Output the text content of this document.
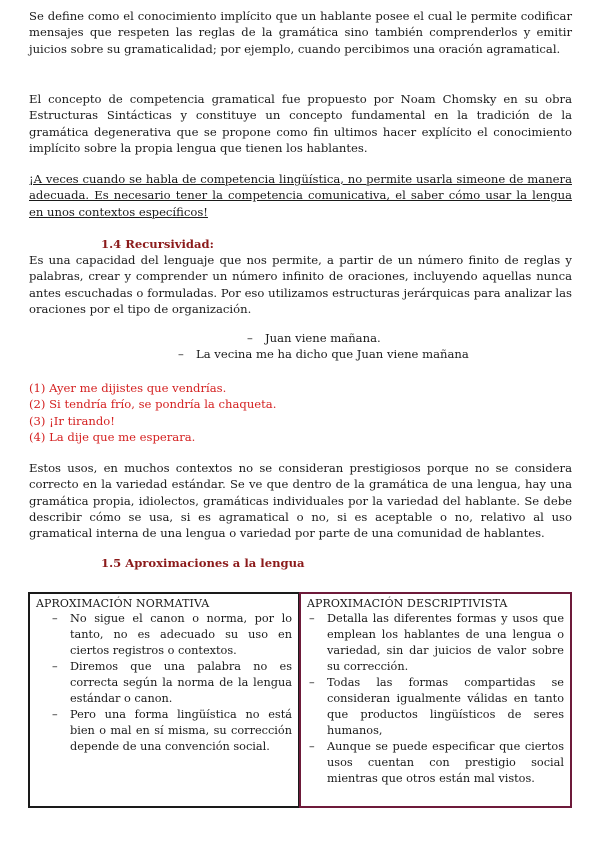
Se define como el conocimiento implícito que un hablante posee el cual le permite codificar mensajes que respeten las reglas de la gramática sino también comprenderlos y emitir juicios sobre su gramaticalidad; por ejemplo, cuando percibimos una oración agramatical.

El concepto de competencia gramatical fue propuesto por Noam Chomsky en su obra Estructuras Sintácticas y constituye un concepto fundamental en la tradición de la gramática degenerativa que se propone como fin ultimos hacer explícito el conocimiento implícito sobre la propia lengua que tienen los hablantes.

¡A veces cuando se habla de competencia lingüística, no permite usarla simeone de manera adecuada. Es necesario tener la competencia comunicativa, el saber cómo usar la lengua en unos contextos específicos!

1.4 Recursividad:

Es una capacidad del lenguaje que nos permite, a partir de un número finito de reglas y palabras, crear y comprender un número infinito de oraciones, incluyendo aquellas nunca antes escuchadas o formuladas. Por eso utilizamos estructuras jerárquicas para analizar las oraciones por el tipo de organización.

– Juan viene mañana.

– La vecina me ha dicho que Juan viene mañana

(1) Ayer me dijistes que vendrías.
(2) Si tendría frío, se pondría la chaqueta.
(3) ¡Ir tirando!
(4) La dije que me esperara.

Estos usos, en muchos contextos no se consideran prestigiosos porque no se considera correcto en la variedad estándar. Se ve que dentro de la gramática de una lengua, hay una gramática propia, idiolectos, gramáticas individuales por la variedad del hablante. Se debe describir cómo se usa, si es agramatical o no, si es aceptable o no, relativo al uso gramatical interna de una lengua o variedad por parte de una comunidad de hablantes.

1.5 Aproximaciones a la lengua
APROXIMACIÓN NORMATIVA
– No sigue el canon o norma, por lo tanto, no es adecuado su uso en ciertos registros o contextos.
– Diremos que una palabra no es correcta según la norma de la lengua estándar o canon.
– Pero una forma lingüística no está bien o mal en sí misma, su corrección depende de una convención social.
APROXIMACIÓN DESCRIPTIVISTA
– Detalla las diferentes formas y usos que emplean los hablantes de una lengua o variedad, sin dar juicios de valor sobre su corrección.
– Todas las formas compartidas se consideran igualmente válidas en tanto que productos lingüísticos de seres humanos,
– Aunque se puede especificar que ciertos usos cuentan con prestigio social mientras que otros están mal vistos.
